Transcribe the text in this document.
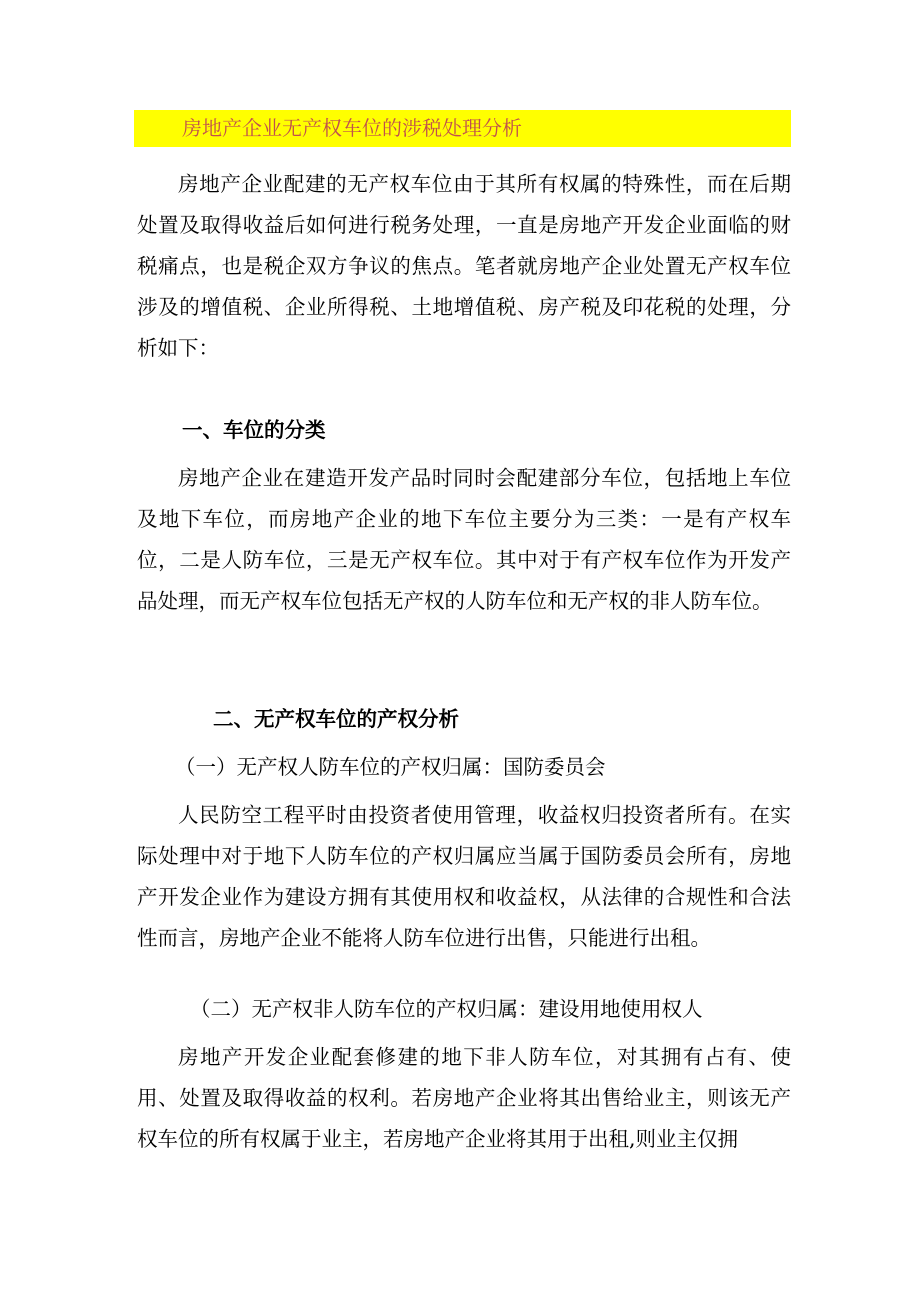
房地产企业无产权车位的涉税处理分析

房地产企业配建的无产权车位由于其所有权属的特殊性，而在后期处置及取得收益后如何进行税务处理，一直是房地产开发企业面临的财税痛点，也是税企双方争议的焦点。笔者就房地产企业处置无产权车位涉及的增值税、企业所得税、土地增值税、房产税及印花税的处理，分析如下：

一、车位的分类

房地产企业在建造开发产品时同时会配建部分车位，包括地上车位及地下车位，而房地产企业的地下车位主要分为三类：一是有产权车位，二是人防车位，三是无产权车位。其中对于有产权车位作为开发产品处理，而无产权车位包括无产权的人防车位和无产权的非人防车位。

二、无产权车位的产权分析

（一）无产权人防车位的产权归属：国防委员会

人民防空工程平时由投资者使用管理，收益权归投资者所有。在实际处理中对于地下人防车位的产权归属应当属于国防委员会所有，房地产开发企业作为建设方拥有其使用权和收益权，从法律的合规性和合法性而言，房地产企业不能将人防车位进行出售，只能进行出租。

（二）无产权非人防车位的产权归属：建设用地使用权人

房地产开发企业配套修建的地下非人防车位，对其拥有占有、使用、处置及取得收益的权利。若房地产企业将其出售给业主，则该无产权车位的所有权属于业主，若房地产企业将其用于出租,则业主仅拥
